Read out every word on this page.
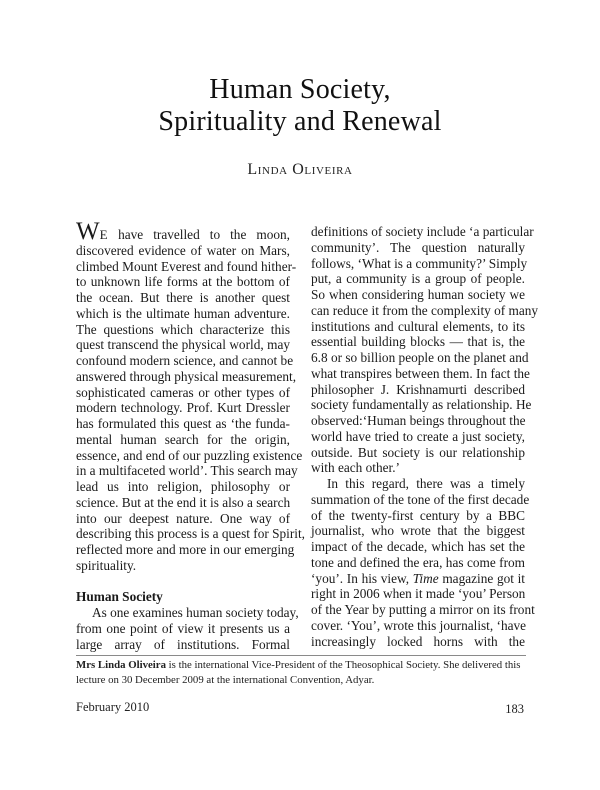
Human Society,
Spirituality and Renewal
Linda Oliveira
WE have travelled to the moon,
discovered evidence of water on Mars,
climbed Mount Everest and found hither-
to unknown life forms at the bottom of
the ocean. But there is another quest
which is the ultimate human adventure.
The questions which characterize this
quest transcend the physical world, may
confound modern science, and cannot be
answered through physical measurement,
sophisticated cameras or other types of
modern technology. Prof. Kurt Dressler
has formulated this quest as ‘the funda-
mental human search for the origin,
essence, and end of our puzzling existence
in a multifaceted world’. This search may
lead us into religion, philosophy or
science. But at the end it is also a search
into our deepest nature. One way of
describing this process is a quest for Spirit,
reflected more and more in our emerging
spirituality.
Human Society
As one examines human society today,
from one point of view it presents us a
large array of institutions. Formal
definitions of society include ‘a particular
community’. The question naturally
follows, ‘What is a community?’ Simply
put, a community is a group of people.
So when considering human society we
can reduce it from the complexity of many
institutions and cultural elements, to its
essential building blocks — that is, the
6.8 or so billion people on the planet and
what transpires between them. In fact the
philosopher J. Krishnamurti described
society fundamentally as relationship. He
observed:‘Human beings throughout the
world have tried to create a just society,
outside. But society is our relationship
with each other.’
In this regard, there was a timely
summation of the tone of the first decade
of the twenty-first century by a BBC
journalist, who wrote that the biggest
impact of the decade, which has set the
tone and defined the era, has come from
‘you’. In his view, Time magazine got it
right in 2006 when it made ‘you’ Person
of the Year by putting a mirror on its front
cover. ‘You’, wrote this journalist, ‘have
increasingly locked horns with the
Mrs Linda Oliveira is the international Vice-President of the Theosophical Society. She delivered this
lecture on 30 December 2009 at the international Convention, Adyar.
February 2010	183
